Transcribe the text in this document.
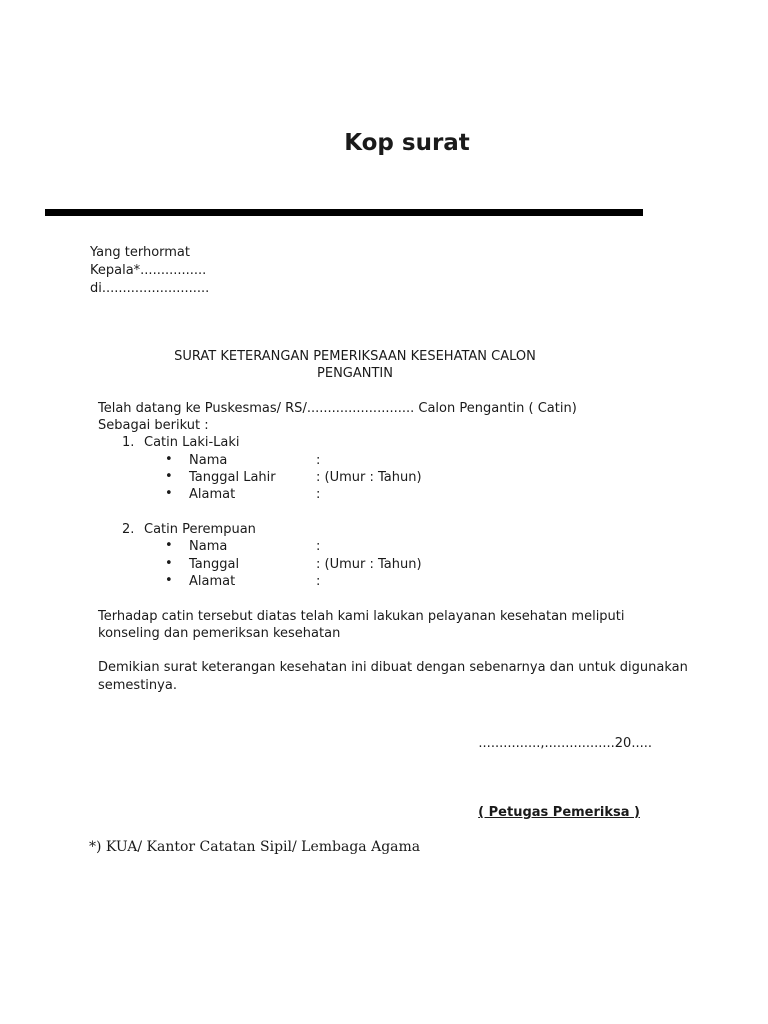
Kop surat
Yang terhormat
Kepala*................
di..........................
SURAT KETERANGAN PEMERIKSAAN KESEHATAN CALON
PENGANTIN
Telah datang ke Puskesmas/ RS/.......................... Calon Pengantin ( Catin)
Sebagai berikut :
1. Catin Laki-Laki
• Nama	:
• Tanggal Lahir	: (Umur : Tahun)
• Alamat	:
2. Catin Perempuan
• Nama	:
• Tanggal	: (Umur : Tahun)
• Alamat	:
Terhadap catin tersebut diatas telah kami lakukan pelayanan kesehatan meliputi
konseling dan pemeriksan kesehatan
Demikian surat keterangan kesehatan ini dibuat dengan sebenarnya dan untuk digunakan
semestinya.
...............,.................20.....
( Petugas Pemeriksa )
*) KUA/ Kantor Catatan Sipil/ Lembaga Agama
